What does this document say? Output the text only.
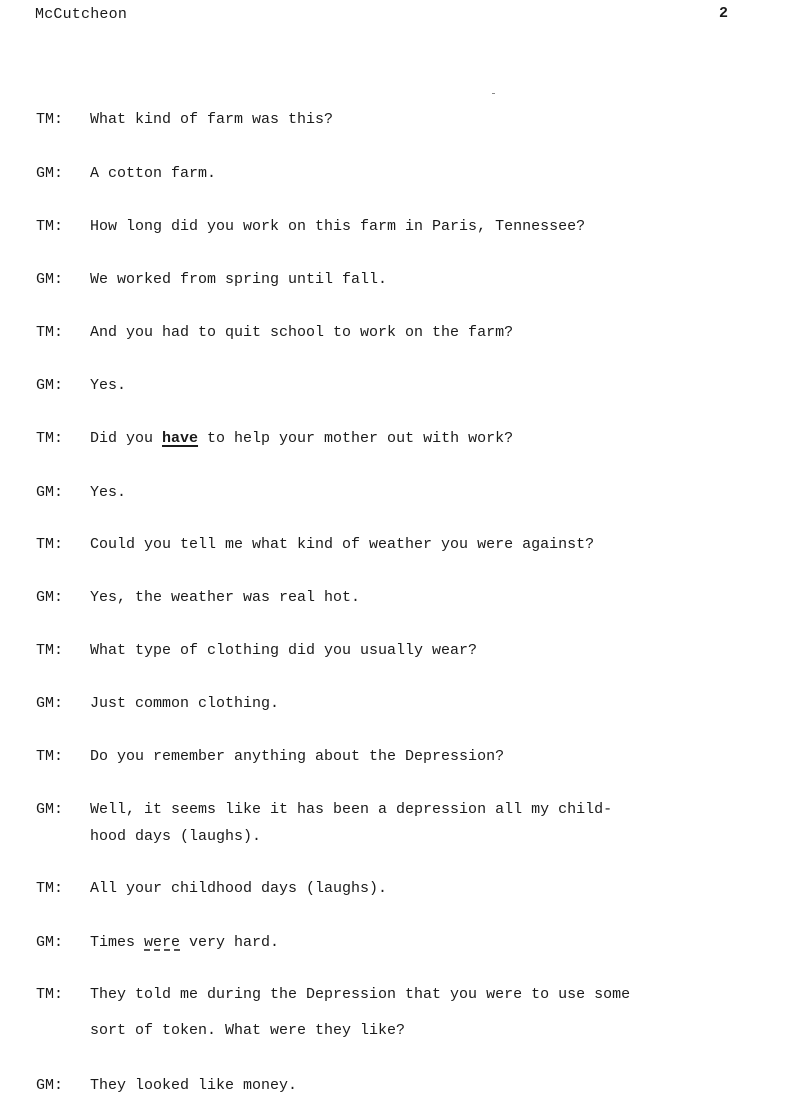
McCutcheon	2
TM: What kind of farm was this?
GM: A cotton farm.
TM: How long did you work on this farm in Paris, Tennessee?
GM: We worked from spring until fall.
TM: And you had to quit school to work on the farm?
GM: Yes.
TM: Did you have to help your mother out with work?
GM: Yes.
TM: Could you tell me what kind of weather you were against?
GM: Yes, the weather was real hot.
TM: What type of clothing did you usually wear?
GM: Just common clothing.
TM: Do you remember anything about the Depression?
GM: Well, it seems like it has been a depression all my child-
hood days (laughs).
TM: All your childhood days (laughs).
GM: Times were very hard.
TM: They told me during the Depression that you were to use some
sort of token. What were they like?
GM: They looked like money.
